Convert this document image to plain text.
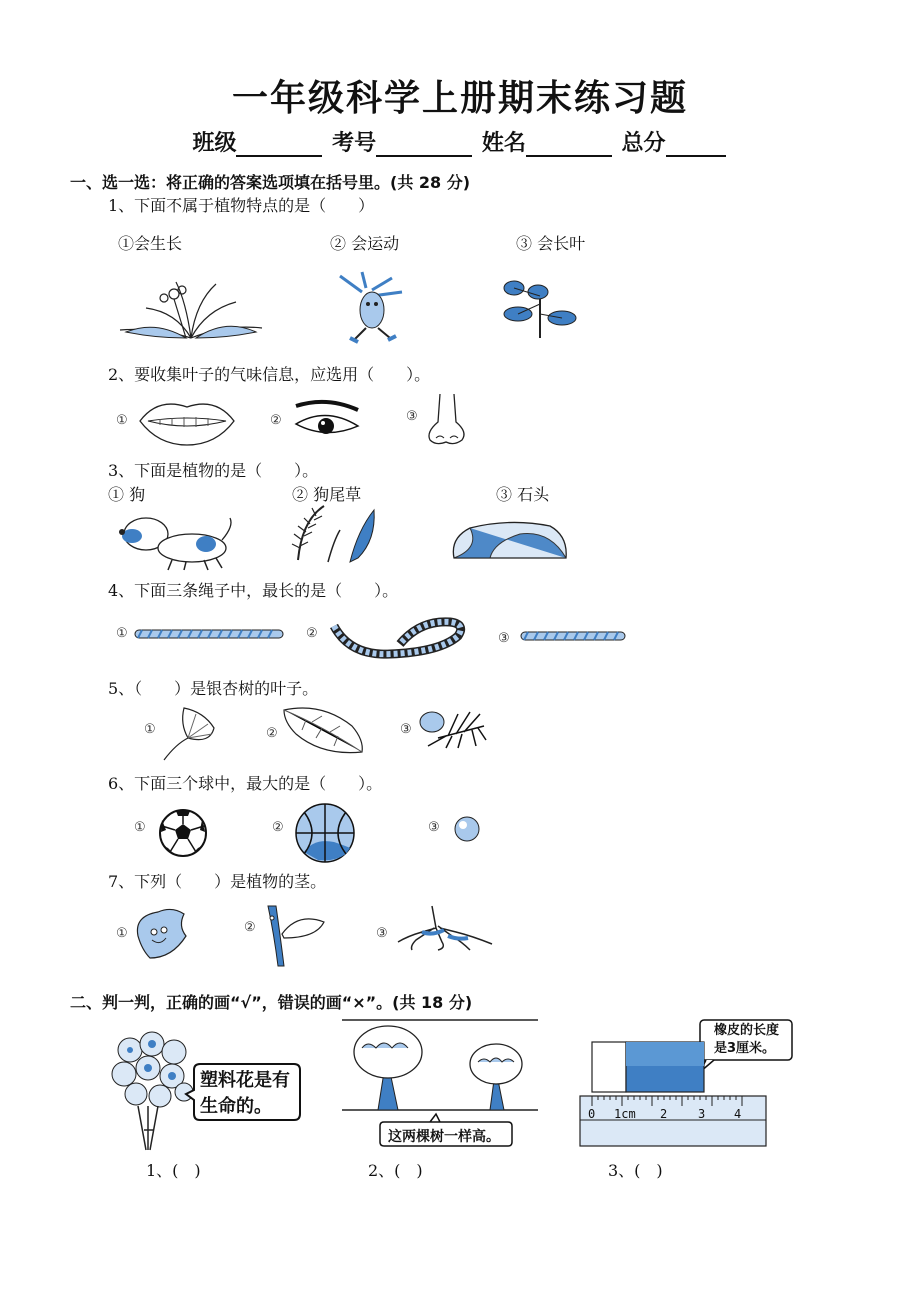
一年级科学上册期末练习题
班级	考号	姓名	总分
一、选一选：将正确的答案选项填在括号里。(共 28 分)
1、下面不属于植物特点的是（　　）
①会生长	② 会运动	③ 会长叶
2、要收集叶子的气味信息，应选用（　　）。
①	②	③
3、下面是植物的是（　　）。
① 狗	② 狗尾草	③ 石头
4、下面三条绳子中，最长的是（　　）。
①	②	③
5、（　　）是银杏树的叶子。
①	②	③
6、下面三个球中，最大的是（　　）。
①	②	③
7、下列（　　）是植物的茎。
①	②	③
二、判一判，正确的画“√”，错误的画“×”。(共 18 分)
塑料花是有
生命的。
1、(　)
这两棵树一样高。
2、(　)
橡皮的长度
是3厘米。
0 1cm 2	3 4
3、(　)
